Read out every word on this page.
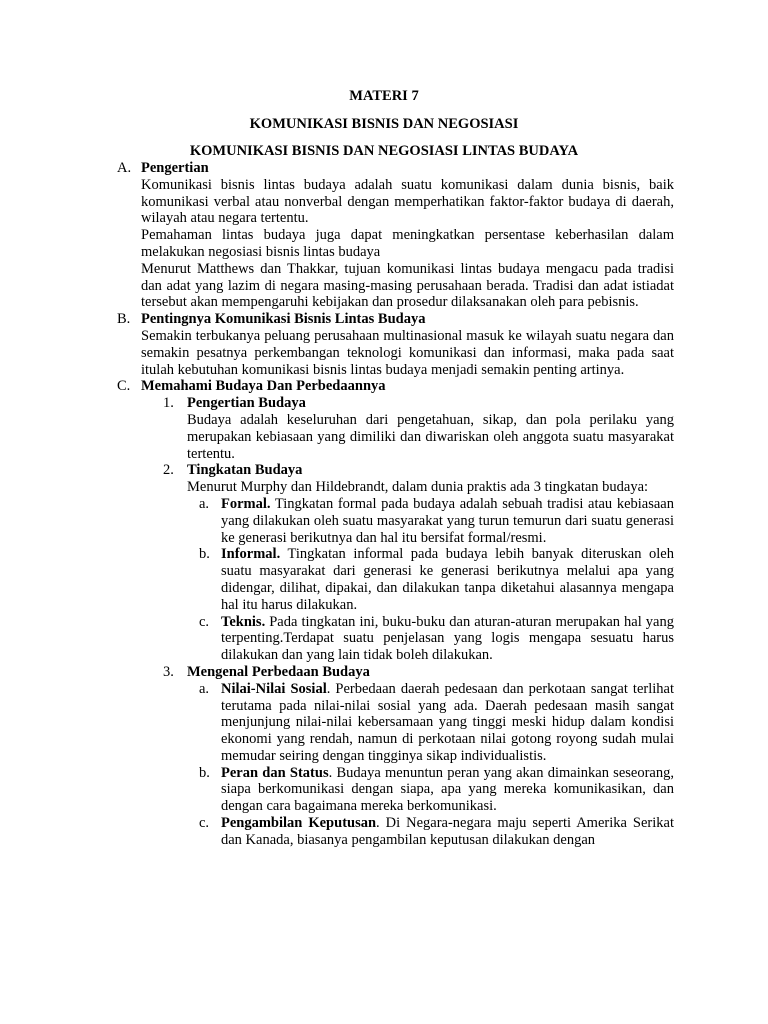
MATERI 7
KOMUNIKASI BISNIS DAN NEGOSIASI
KOMUNIKASI BISNIS DAN NEGOSIASI LINTAS BUDAYA
A. Pengertian
Komunikasi bisnis lintas budaya adalah suatu komunikasi dalam dunia bisnis, baik komunikasi verbal atau nonverbal dengan memperhatikan faktor-faktor budaya di daerah, wilayah atau negara tertentu.
Pemahaman lintas budaya juga dapat meningkatkan persentase keberhasilan dalam melakukan negosiasi bisnis lintas budaya
Menurut Matthews dan Thakkar, tujuan komunikasi lintas budaya mengacu pada tradisi dan adat yang lazim di negara masing-masing perusahaan berada. Tradisi dan adat istiadat tersebut akan mempengaruhi kebijakan dan prosedur dilaksanakan oleh para pebisnis.
B. Pentingnya Komunikasi Bisnis Lintas Budaya
Semakin terbukanya peluang perusahaan multinasional masuk ke wilayah suatu negara dan semakin pesatnya perkembangan teknologi komunikasi dan informasi, maka pada saat itulah kebutuhan komunikasi bisnis lintas budaya menjadi semakin penting artinya.
C. Memahami Budaya Dan Perbedaannya
1. Pengertian Budaya
Budaya adalah keseluruhan dari pengetahuan, sikap, dan pola perilaku yang merupakan kebiasaan yang dimiliki dan diwariskan oleh anggota suatu masyarakat tertentu.
2. Tingkatan Budaya
Menurut Murphy dan Hildebrandt, dalam dunia praktis ada 3 tingkatan budaya:
a. Formal. Tingkatan formal pada budaya adalah sebuah tradisi atau kebiasaan yang dilakukan oleh suatu masyarakat yang turun temurun dari suatu generasi ke generasi berikutnya dan hal itu bersifat formal/resmi.
b. Informal. Tingkatan informal pada budaya lebih banyak diteruskan oleh suatu masyarakat dari generasi ke generasi berikutnya melalui apa yang didengar, dilihat, dipakai, dan dilakukan tanpa diketahui alasannya mengapa hal itu harus dilakukan.
c. Teknis. Pada tingkatan ini, buku-buku dan aturan-aturan merupakan hal yang terpenting.Terdapat suatu penjelasan yang logis mengapa sesuatu harus dilakukan dan yang lain tidak boleh dilakukan.
3. Mengenal Perbedaan Budaya
a. Nilai-Nilai Sosial. Perbedaan daerah pedesaan dan perkotaan sangat terlihat terutama pada nilai-nilai sosial yang ada. Daerah pedesaan masih sangat menjunjung nilai-nilai kebersamaan yang tinggi meski hidup dalam kondisi ekonomi yang rendah, namun di perkotaan nilai gotong royong sudah mulai memudar seiring dengan tingginya sikap individualistis.
b. Peran dan Status. Budaya menuntun peran yang akan dimainkan seseorang, siapa berkomunikasi dengan siapa, apa yang mereka komunikasikan, dan dengan cara bagaimana mereka berkomunikasi.
c. Pengambilan Keputusan. Di Negara-negara maju seperti Amerika Serikat dan Kanada, biasanya pengambilan keputusan dilakukan dengan
